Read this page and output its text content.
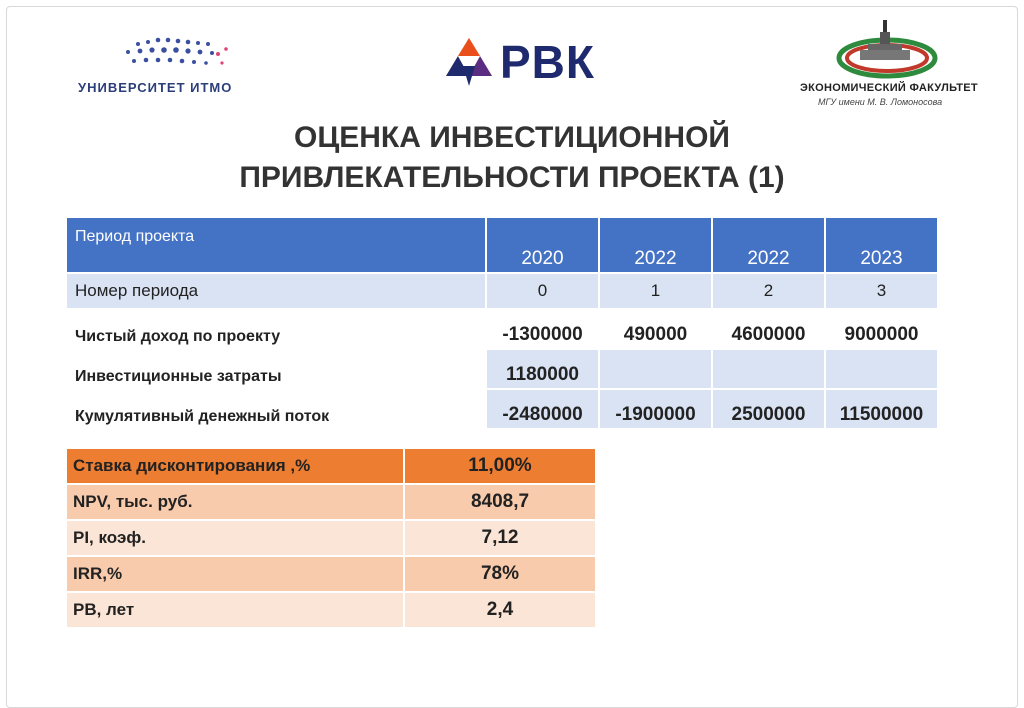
УНИВЕРСИТЕТ ИТМО	РВК	ЭКОНОМИЧЕСКИЙ ФАКУЛЬТЕТ
МГУ имени М. В. Ломоносова
ОЦЕНКА ИНВЕСТИЦИОННОЙ
ПРИВЛЕКАТЕЛЬНОСТИ ПРОЕКТА (1)
Период проекта	2020	2022	2022	2023
Номер периода	0	1	2	3
Чистый доход по проекту	-1300000	490000	4600000	9000000
Инвестиционные затраты	1180000			
Кумулятивный денежный поток	-2480000	-1900000	2500000	11500000
Ставка дисконтирования ,%	11,00%
NPV, тыс. руб.	8408,7
PI, коэф.	7,12
IRR,%	78%
PB, лет	2,4
